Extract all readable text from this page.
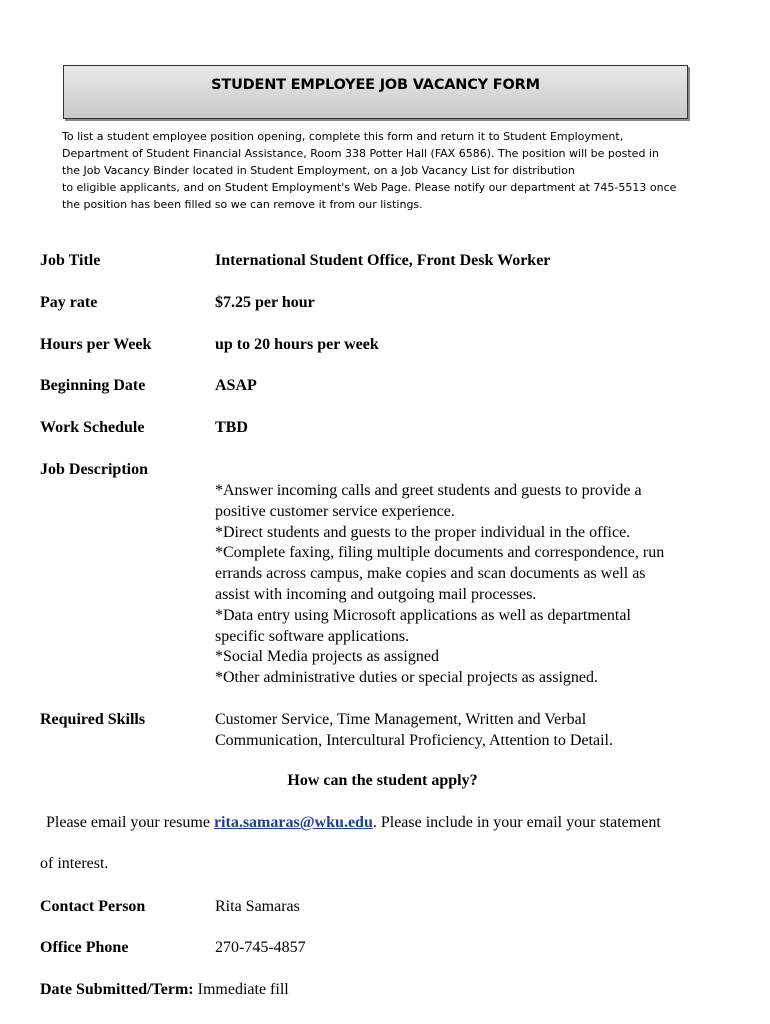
STUDENT EMPLOYEE JOB VACANCY FORM
To list a student employee position opening, complete this form and return it to Student Employment,
Department of Student Financial Assistance, Room 338 Potter Hall (FAX 6586). The position will be posted in
the Job Vacancy Binder located in Student Employment, on a Job Vacancy List for distribution
to eligible applicants, and on Student Employment's Web Page. Please notify our department at 745-5513 once
the position has been filled so we can remove it from our listings.
Job Title	International Student Office, Front Desk Worker
Pay rate	$7.25 per hour
Hours per Week	up to 20 hours per week
Beginning Date	ASAP
Work Schedule	TBD
Job Description
*Answer incoming calls and greet students and guests to provide a
positive customer service experience.
*Direct students and guests to the proper individual in the office.
*Complete faxing, filing multiple documents and correspondence, run
errands across campus, make copies and scan documents as well as
assist with incoming and outgoing mail processes.
*Data entry using Microsoft applications as well as departmental
specific software applications.
*Social Media projects as assigned
*Other administrative duties or special projects as assigned.
Required Skills	Customer Service, Time Management, Written and Verbal
Communication, Intercultural Proficiency, Attention to Detail.
How can the student apply?
Please email your resume rita.samaras@wku.edu. Please include in your email your statement
of interest.
Contact Person	Rita Samaras
Office Phone	270-745-4857
Date Submitted/Term: Immediate fill
